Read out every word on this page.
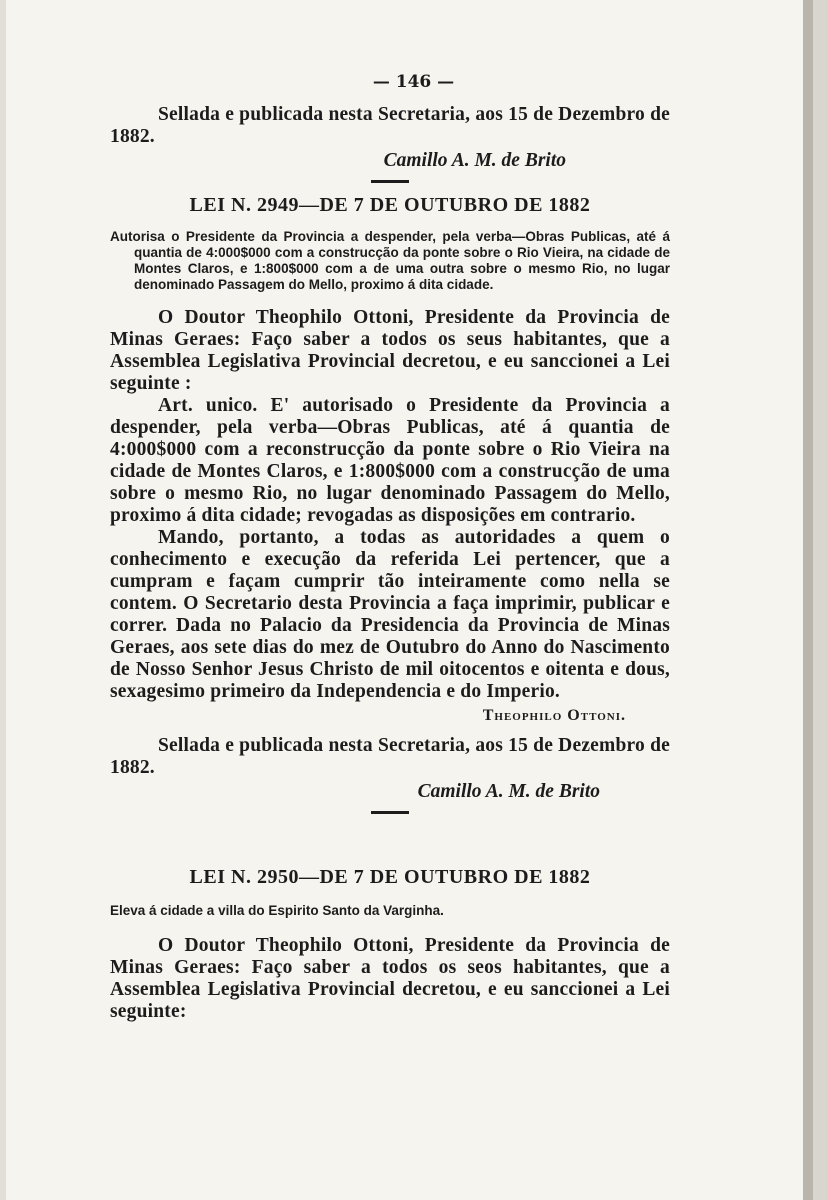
— 146 —

Sellada e publicada nesta Secretaria, aos 15 de Dezembro de 1882.

Camillo A. M. de Brito

LEI N. 2949—DE 7 DE OUTUBRO DE 1882

Autorisa o Presidente da Provincia a despender, pela verba—Obras Publicas, até á quantia de 4:000$000 com a construcção da ponte sobre o Rio Vieira, na cidade de Montes Claros, e 1:800$000 com a de uma outra sobre o mesmo Rio, no lugar denominado Passagem do Mello, proximo á dita cidade.

O Doutor Theophilo Ottoni, Presidente da Provincia de Minas Geraes: Faço saber a todos os seus habitantes, que a Assemblea Legislativa Provincial decretou, e eu sanccionei a Lei seguinte :

Art. unico. E' autorisado o Presidente da Provincia a despender, pela verba—Obras Publicas, até á quantia de 4:000$000 com a reconstrucção da ponte sobre o Rio Vieira na cidade de Montes Claros, e 1:800$000 com a construcção de uma sobre o mesmo Rio, no lugar denominado Passagem do Mello, proximo á dita cidade; revogadas as disposições em contrario.

Mando, portanto, a todas as autoridades a quem o conhecimento e execução da referida Lei pertencer, que a cumpram e façam cumprir tão inteiramente como nella se contem. O Secretario desta Provincia a faça imprimir, publicar e correr. Dada no Palacio da Presidencia da Provincia de Minas Geraes, aos sete dias do mez de Outubro do Anno do Nascimento de Nosso Senhor Jesus Christo de mil oitocentos e oitenta e dous, sexagesimo primeiro da Independencia e do Imperio.

Theophilo Ottoni.

Sellada e publicada nesta Secretaria, aos 15 de Dezembro de 1882.

Camillo A. M. de Brito

LEI N. 2950—DE 7 DE OUTUBRO DE 1882

Eleva á cidade a villa do Espirito Santo da Varginha.

O Doutor Theophilo Ottoni, Presidente da Provincia de Minas Geraes: Faço saber a todos os seos habitantes, que a Assemblea Legislativa Provincial decretou, e eu sanccionei a Lei seguinte:
